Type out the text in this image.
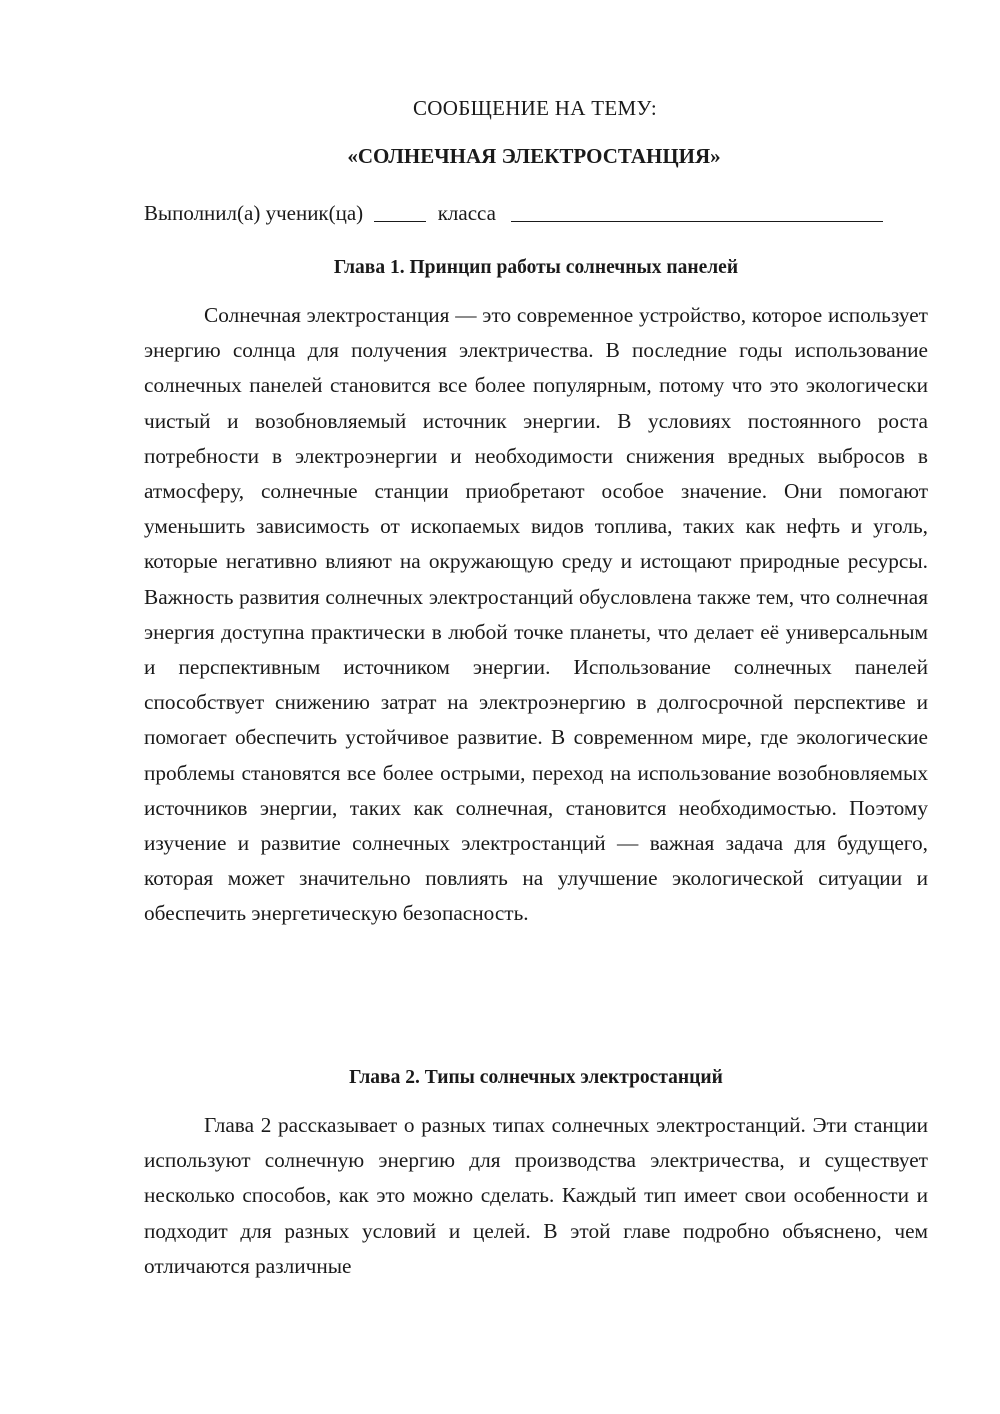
СООБЩЕНИЕ НА ТЕМУ:
«СОЛНЕЧНАЯ ЭЛЕКТРОСТАНЦИЯ»
Выполнил(а) ученик(ца)	класса
Глава 1. Принцип работы солнечных панелей

Солнечная электростанция — это современное устройство, которое использует энергию солнца для получения электричества. В последние годы использование солнечных панелей становится все более популярным, потому что это экологически чистый и возобновляемый источник энергии. В условиях постоянного роста потребности в электроэнергии и необходимости снижения вредных выбросов в атмосферу, солнечные станции приобретают особое значение. Они помогают уменьшить зависимость от ископаемых видов топлива, таких как нефть и уголь, которые негативно влияют на окружающую среду и истощают природные ресурсы. Важность развития солнечных электростанций обусловлена также тем, что солнечная энергия доступна практически в любой точке планеты, что делает её универсальным и перспективным источником энергии. Использование солнечных панелей способствует снижению затрат на электроэнергию в долгосрочной перспективе и помогает обеспечить устойчивое развитие. В современном мире, где экологические проблемы становятся все более острыми, переход на использование возобновляемых источников энергии, таких как солнечная, становится необходимостью. Поэтому изучение и развитие солнечных электростанций — важная задача для будущего, которая может значительно повлиять на улучшение экологической ситуации и обеспечить энергетическую безопасность.

Глава 2. Типы солнечных электростанций

Глава 2 рассказывает о разных типах солнечных электростанций. Эти станции используют солнечную энергию для производства электричества, и существует несколько способов, как это можно сделать. Каждый тип имеет свои особенности и подходит для разных условий и целей. В этой главе подробно объяснено, чем отличаются различные
